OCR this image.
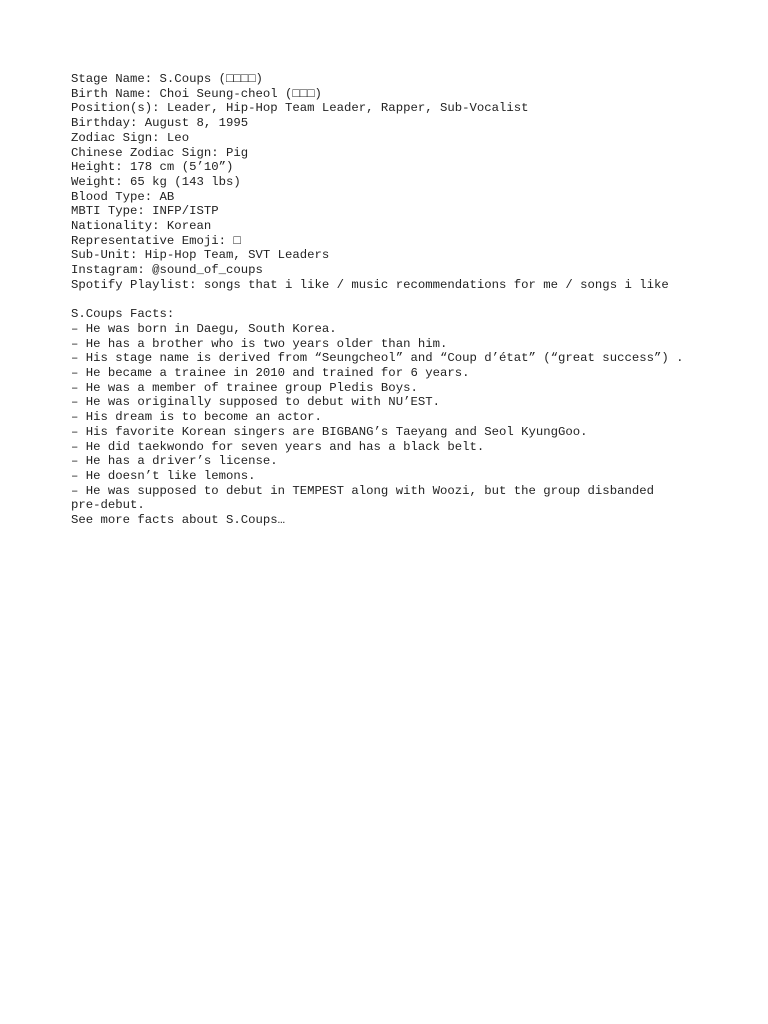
Stage Name: S.Coups (□□□□)
Birth Name: Choi Seung-cheol (□□□)
Position(s): Leader, Hip-Hop Team Leader, Rapper, Sub-Vocalist
Birthday: August 8, 1995
Zodiac Sign: Leo
Chinese Zodiac Sign: Pig
Height: 178 cm (5’10”)
Weight: 65 kg (143 lbs)
Blood Type: AB
MBTI Type: INFP/ISTP
Nationality: Korean
Representative Emoji: □
Sub-Unit: Hip-Hop Team, SVT Leaders
Instagram: @sound_of_coups
Spotify Playlist: songs that i like / music recommendations for me / songs i like
S.Coups Facts:
– He was born in Daegu, South Korea.
– He has a brother who is two years older than him.
– His stage name is derived from “Seungcheol” and “Coup d’état” (“great success”) .
– He became a trainee in 2010 and trained for 6 years.
– He was a member of trainee group Pledis Boys.
– He was originally supposed to debut with NU’EST.
– His dream is to become an actor.
– His favorite Korean singers are BIGBANG’s Taeyang and Seol KyungGoo.
– He did taekwondo for seven years and has a black belt.
– He has a driver’s license.
– He doesn’t like lemons.
– He was supposed to debut in TEMPEST along with Woozi, but the group disbanded
pre-debut.
See more facts about S.Coups…
